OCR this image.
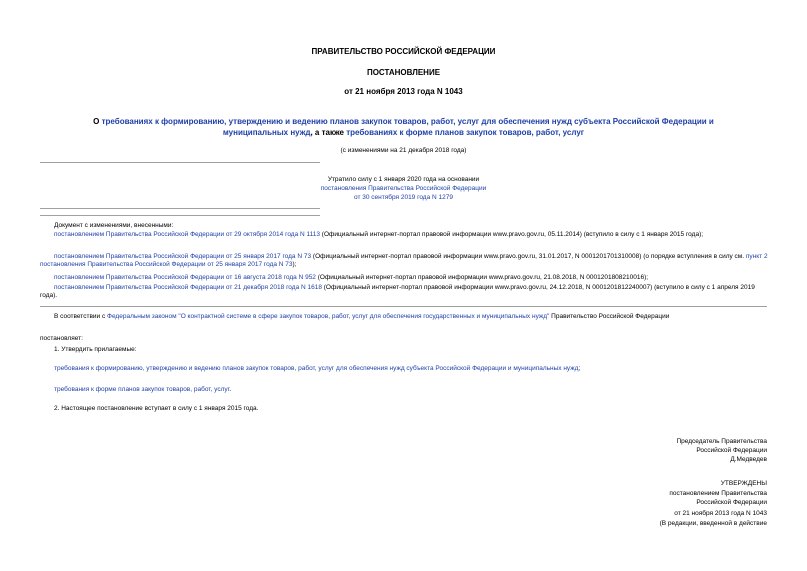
ПРАВИТЕЛЬСТВО РОССИЙСКОЙ ФЕДЕРАЦИИ
ПОСТАНОВЛЕНИЕ
от 21 ноября 2013 года N 1043
О требованиях к формированию, утверждению и ведению планов закупок товаров, работ, услуг для обеспечения нужд субъекта Российской Федерации и муниципальных нужд, а также требованиях к форме планов закупок товаров, работ, услуг
(с изменениями на 21 декабря 2018 года)
Утратило силу с 1 января 2020 года на основании
постановления Правительства Российской Федерации
от 30 сентября 2019 года N 1279
Документ с изменениями, внесенными:
постановлением Правительства Российской Федерации от 29 октября 2014 года N 1113 (Официальный интернет-портал правовой информации www.pravo.gov.ru, 05.11.2014) (вступило в силу с 1 января 2015 года);
постановлением Правительства Российской Федерации от 25 января 2017 года N 73 (Официальный интернет-портал правовой информации www.pravo.gov.ru, 31.01.2017, N 0001201701310008) (о порядке вступления в силу см. пункт 2 постановления Правительства Российской Федерации от 25 января 2017 года N 73);
постановлением Правительства Российской Федерации от 16 августа 2018 года N 952 (Официальный интернет-портал правовой информации www.pravo.gov.ru, 21.08.2018, N 0001201808210016);
постановлением Правительства Российской Федерации от 21 декабря 2018 года N 1618 (Официальный интернет-портал правовой информации www.pravo.gov.ru, 24.12.2018, N 0001201812240007) (вступило в силу с 1 апреля 2019 года).
В соответствии с Федеральным законом "О контрактной системе в сфере закупок товаров, работ, услуг для обеспечения государственных и муниципальных нужд" Правительство Российской Федерации
постановляет:
1. Утвердить прилагаемые:
требования к формированию, утверждению и ведению планов закупок товаров, работ, услуг для обеспечения нужд субъекта Российской Федерации и муниципальных нужд;
требования к форме планов закупок товаров, работ, услуг.
2. Настоящее постановление вступает в силу с 1 января 2015 года.
Председатель Правительства
Российской Федерации
Д.Медведев
УТВЕРЖДЕНЫ
постановлением Правительства
Российской Федерации
от 21 ноября 2013 года N 1043
(В редакции, введенной в действие
